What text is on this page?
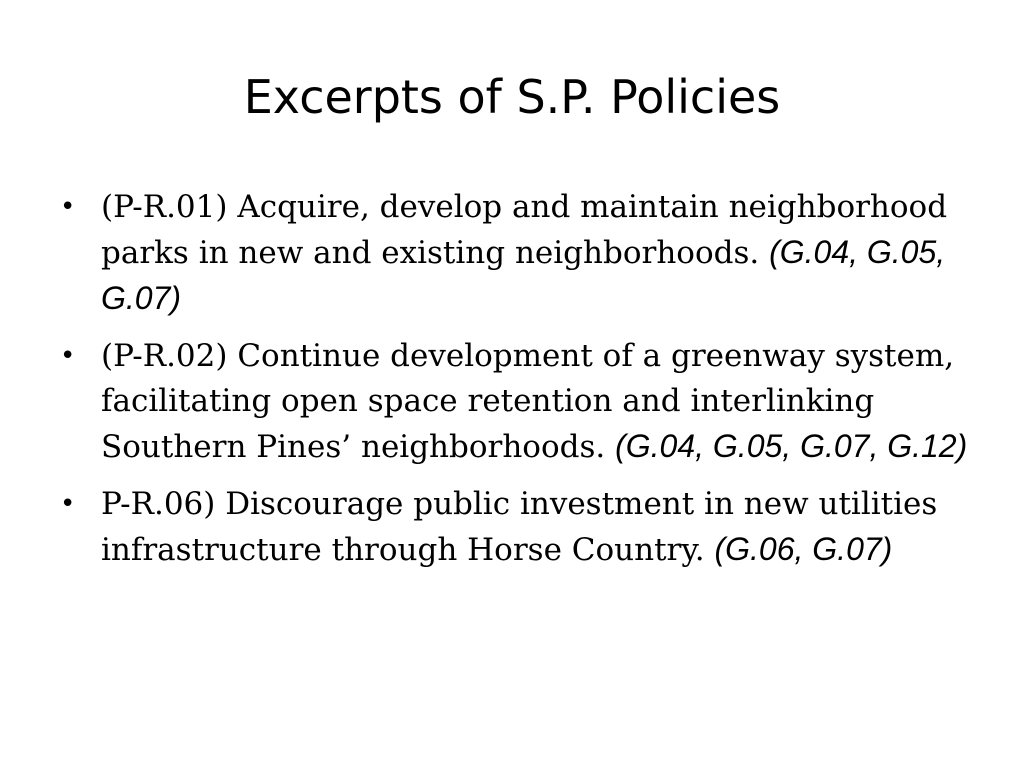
Excerpts of S.P. Policies
• (P-R.01) Acquire, develop and maintain neighborhood parks in new and existing neighborhoods. (G.04, G.05, G.07)
• (P-R.02) Continue development of a greenway system, facilitating open space retention and interlinking Southern Pines’ neighborhoods. (G.04, G.05, G.07, G.12)
• P-R.06) Discourage public investment in new utilities infrastructure through Horse Country. (G.06, G.07)
